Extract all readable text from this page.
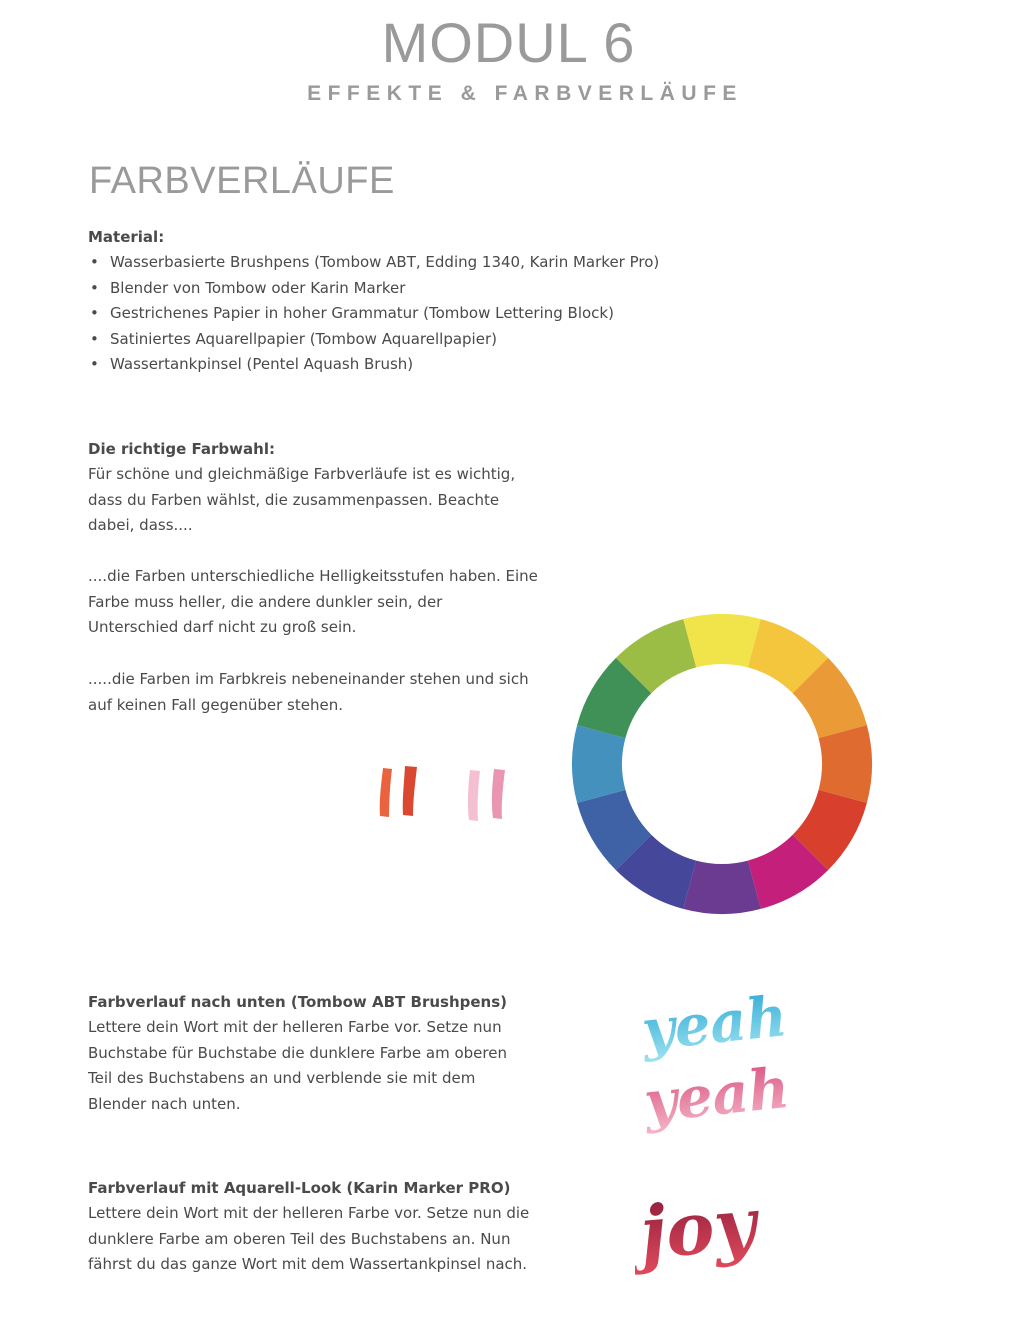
MODUL 6
EFFEKTE & FARBVERLÄUFE
FARBVERLÄUFE
Material:
• Wasserbasierte Brushpens (Tombow ABT, Edding 1340, Karin Marker Pro)
• Blender von Tombow oder Karin Marker
• Gestrichenes Papier in hoher Grammatur (Tombow Lettering Block)
• Satiniertes Aquarellpapier (Tombow Aquarellpapier)
• Wassertankpinsel (Pentel Aquash Brush)
Die richtige Farbwahl:

Für schöne und gleichmäßige Farbverläufe ist es wichtig,

dass du Farben wählst, die zusammenpassen. Beachte

dabei, dass....

....die Farben unterschiedliche Helligkeitsstufen haben. Eine

Farbe muss heller, die andere dunkler sein, der

Unterschied darf nicht zu groß sein.

.....die Farben im Farbkreis nebeneinander stehen und sich

auf keinen Fall gegenüber stehen.

Farbverlauf nach unten (Tombow ABT Brushpens)

Lettere dein Wort mit der helleren Farbe vor. Setze nun

Buchstabe für Buchstabe die dunklere Farbe am oberen

Teil des Buchstabens an und verblende sie mit dem

Blender nach unten.

yeah
yeah
Farbverlauf mit Aquarell-Look (Karin Marker PRO)

Lettere dein Wort mit der helleren Farbe vor. Setze nun die

dunklere Farbe am oberen Teil des Buchstabens an. Nun

fährst du das ganze Wort mit dem Wassertankpinsel nach.	joy
